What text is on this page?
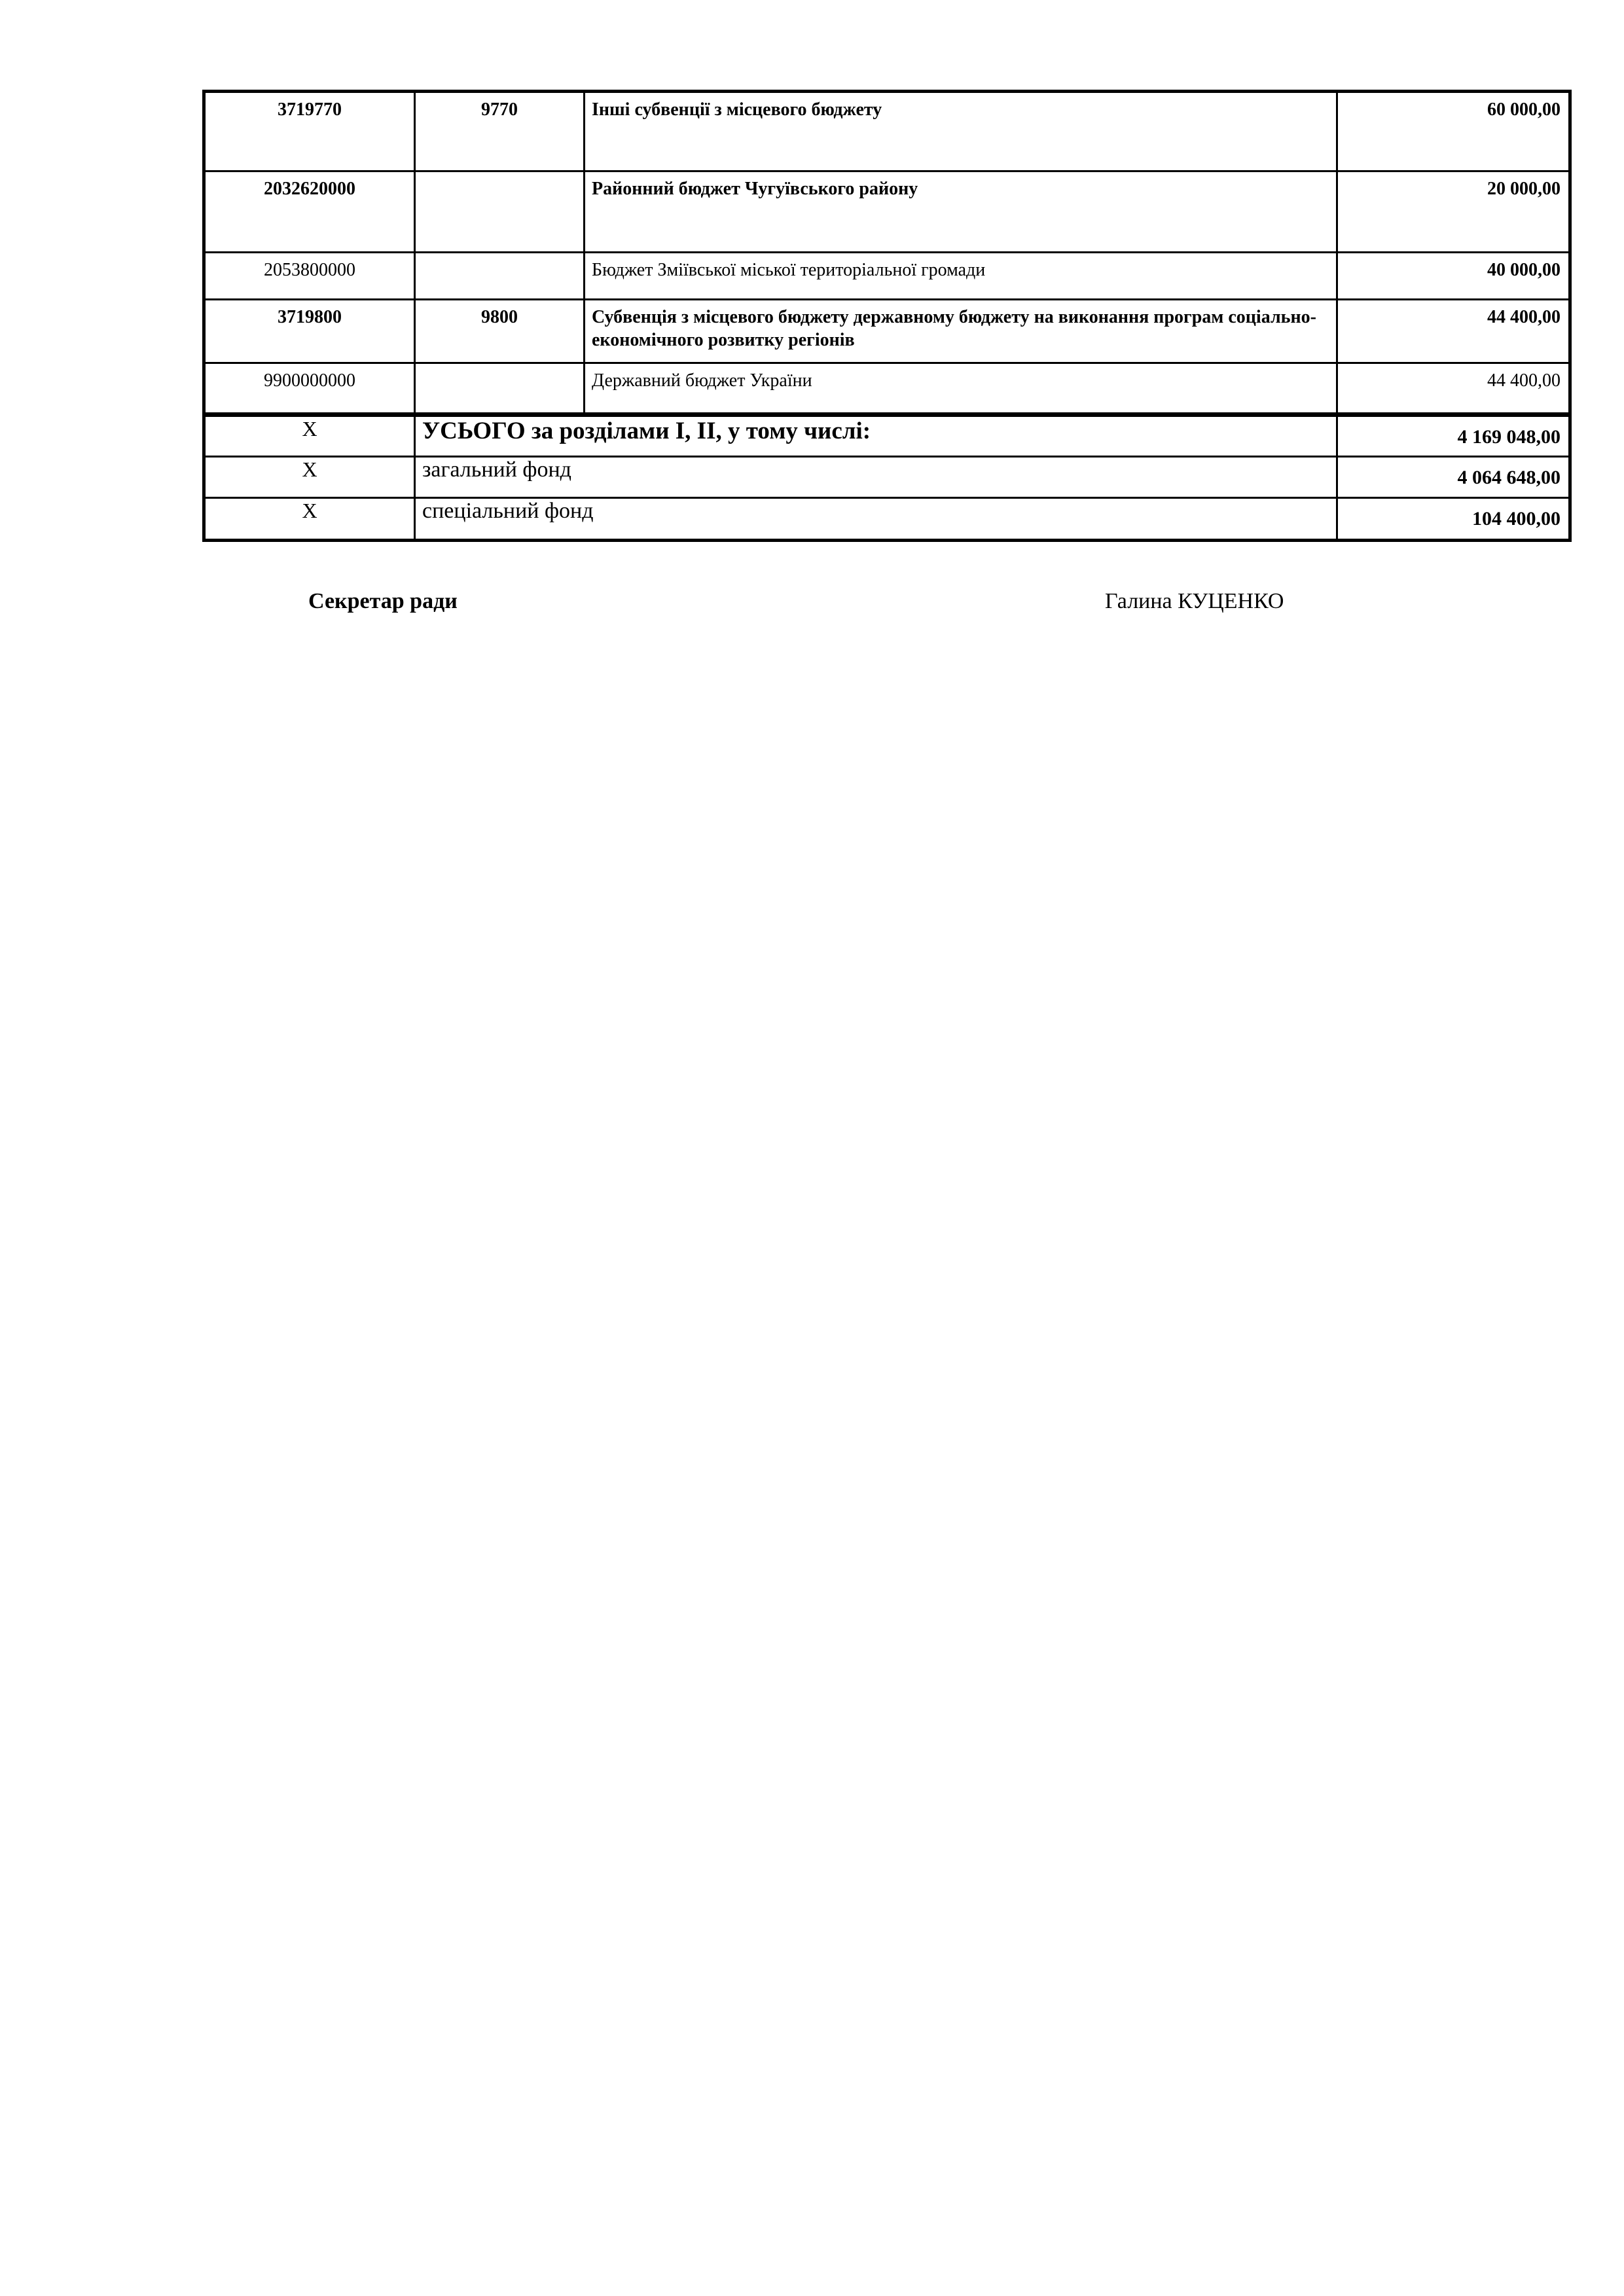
3719770	9770	Інші субвенції з місцевого бюджету	60 000,00
2032620000		Районний бюджет Чугуївського району	20 000,00
2053800000		Бюджет Зміївської міської територіальної громади	40 000,00
3719800	9800	Субвенція з місцевого бюджету державному бюджету на виконання програм соціально-економічного розвитку регіонів	44 400,00
9900000000		Державний бюджет України	44 400,00
X	УСЬОГО за розділами I, II, у тому числі:		4 169 048,00
X	загальний фонд		4 064 648,00
X	спеціальний фонд		104 400,00
Секретар ради	Галина КУЦЕНКО
